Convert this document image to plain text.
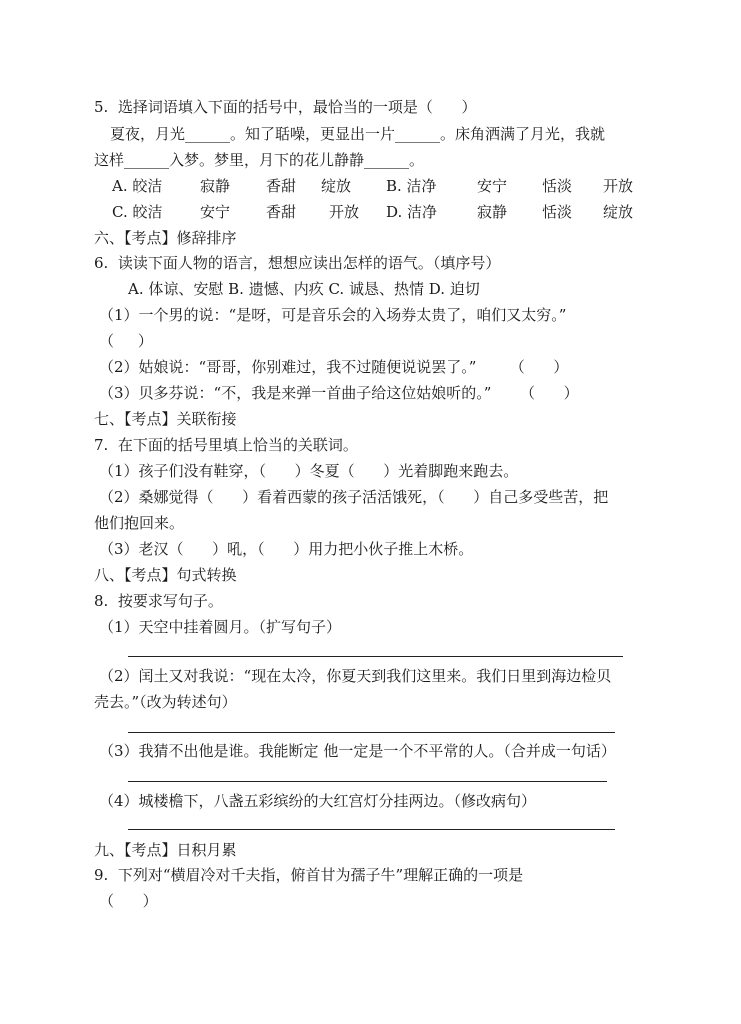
5.  选择词语填入下面的括号中，最恰当的一项是（      ）
夏夜，月光______。知了聒噪，更显出一片______。床角洒满了月光，我就
这样______入梦。梦里，月下的花儿静静______。
A. 皎洁	寂静 香甜 绽放 B. 洁净	安宁 恬淡 开放
C. 皎洁	安宁 香甜 开放 D. 洁净	寂静 恬淡 绽放
六、【考点】修辞排序
6.  读读下面人物的语言，想想应读出怎样的语气。（填序号）
A. 体谅、安慰 B. 遗憾、内疚 C. 诚恳、热情 D. 迫切
（1）一个男的说：“是呀，可是音乐会的入场券太贵了，咱们又太穷。”
（     ）
（2）姑娘说：“哥哥，你别难过，我不过随便说说罢了。”       （      ）
（3）贝多芬说：“不，我是来弹一首曲子给这位姑娘听的。”      （      ）
七、【考点】关联衔接
7.  在下面的括号里填上恰当的关联词。
（1）孩子们没有鞋穿，（      ）冬夏（      ）光着脚跑来跑去。
（2）桑娜觉得（      ）看着西蒙的孩子活活饿死，（      ）自己多受些苦，把
他们抱回来。
（3）老汉（      ）吼，（      ）用力把小伙子推上木桥。
八、【考点】句式转换
8.  按要求写句子。
（1）天空中挂着圆月。（扩写句子）
（2）闰土又对我说：“现在太冷，你夏天到我们这里来。我们日里到海边检贝
壳去。”（改为转述句）
（3）我猜不出他是谁。我能断定 他一定是一个不平常的人。（合并成一句话）
（4）城楼檐下，八盏五彩缤纷的大红宫灯分挂两边。（修改病句）
九、【考点】日积月累
9.  下列对“横眉冷对千夫指，俯首甘为孺子牛”理解正确的一项是
（      ）
